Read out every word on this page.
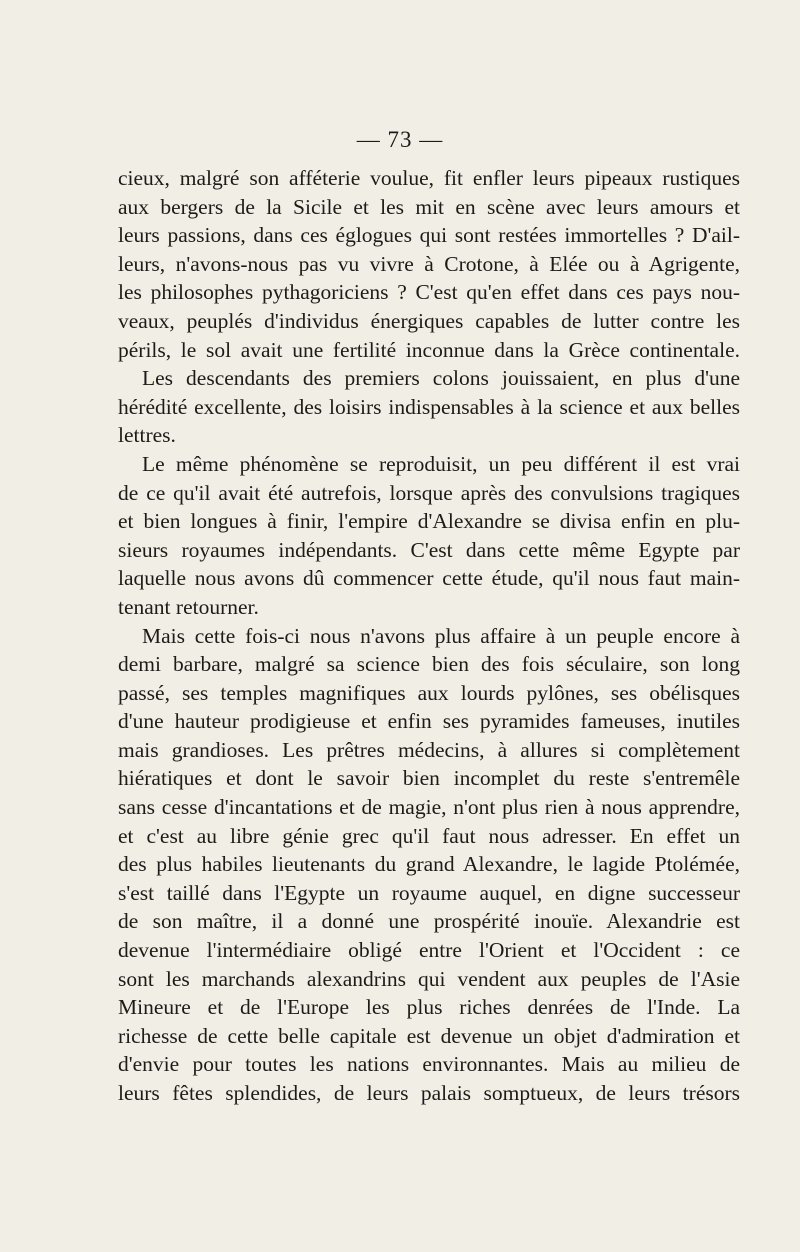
— 73 —
cieux, malgré son afféterie voulue, fit enfler leurs pipeaux rustiques
aux bergers de la Sicile et les mit en scène avec leurs amours et
leurs passions, dans ces églogues qui sont restées immortelles ? D'ail-
leurs, n'avons-nous pas vu vivre à Crotone, à Elée ou à Agrigente,
les philosophes pythagoriciens ? C'est qu'en effet dans ces pays nou-
veaux, peuplés d'individus énergiques capables de lutter contre les
périls, le sol avait une fertilité inconnue dans la Grèce continentale.
Les descendants des premiers colons jouissaient, en plus d'une
hérédité excellente, des loisirs indispensables à la science et aux belles
lettres.
Le même phénomène se reproduisit, un peu différent il est vrai
de ce qu'il avait été autrefois, lorsque après des convulsions tragiques
et bien longues à finir, l'empire d'Alexandre se divisa enfin en plu-
sieurs royaumes indépendants. C'est dans cette même Egypte par
laquelle nous avons dû commencer cette étude, qu'il nous faut main-
tenant retourner.
Mais cette fois-ci nous n'avons plus affaire à un peuple encore à
demi barbare, malgré sa science bien des fois séculaire, son long
passé, ses temples magnifiques aux lourds pylônes, ses obélisques
d'une hauteur prodigieuse et enfin ses pyramides fameuses, inutiles
mais grandioses. Les prêtres médecins, à allures si complètement
hiératiques et dont le savoir bien incomplet du reste s'entremêle
sans cesse d'incantations et de magie, n'ont plus rien à nous apprendre,
et c'est au libre génie grec qu'il faut nous adresser. En effet un
des plus habiles lieutenants du grand Alexandre, le lagide Ptolémée,
s'est taillé dans l'Egypte un royaume auquel, en digne successeur
de son maître, il a donné une prospérité inouïe. Alexandrie est
devenue l'intermédiaire obligé entre l'Orient et l'Occident : ce
sont les marchands alexandrins qui vendent aux peuples de l'Asie
Mineure et de l'Europe les plus riches denrées de l'Inde. La
richesse de cette belle capitale est devenue un objet d'admiration et
d'envie pour toutes les nations environnantes. Mais au milieu de
leurs fêtes splendides, de leurs palais somptueux, de leurs trésors
